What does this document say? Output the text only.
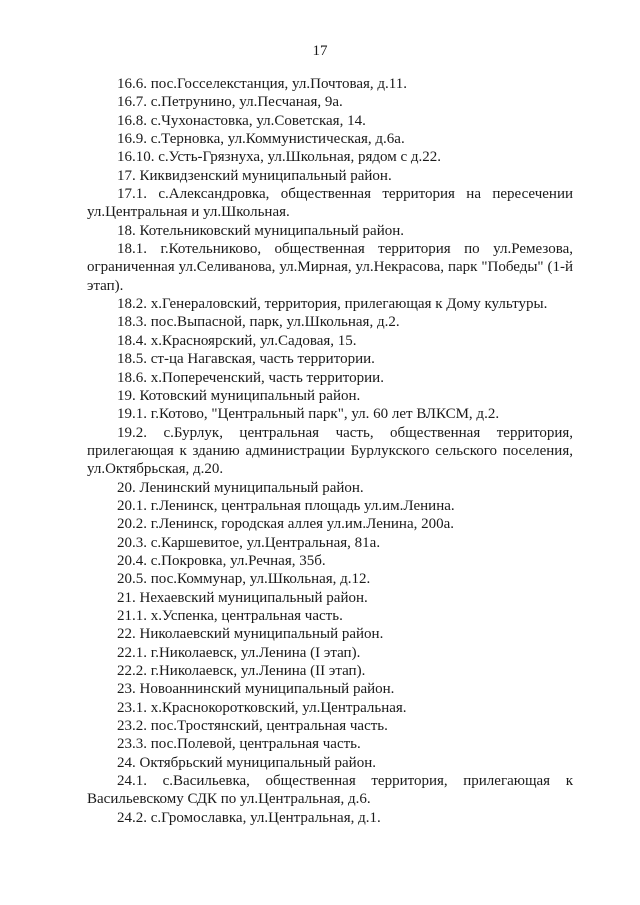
17

16.6. пос.Госселекстанция, ул.Почтовая, д.11.

16.7. с.Петрунино, ул.Песчаная, 9а.

16.8. с.Чухонастовка, ул.Советская, 14.

16.9. с.Терновка, ул.Коммунистическая, д.6а.

16.10. с.Усть-Грязнуха, ул.Школьная, рядом с д.22.

17. Киквидзенский муниципальный район.

17.1. с.Александровка, общественная территория на пересечении ул.Центральная и ул.Школьная.

18. Котельниковский муниципальный район.

18.1. г.Котельниково, общественная территория по ул.Ремезова, ограниченная ул.Селиванова, ул.Мирная, ул.Некрасова, парк "Победы" (1-й этап).

18.2. х.Генераловский, территория, прилегающая к Дому культуры.

18.3. пос.Выпасной, парк, ул.Школьная, д.2.

18.4. х.Красноярский, ул.Садовая, 15.

18.5. ст-ца Нагавская, часть территории.

18.6. х.Попереченский, часть территории.

19. Котовский муниципальный район.

19.1. г.Котово, "Центральный парк", ул. 60 лет ВЛКСМ, д.2.

19.2. с.Бурлук, центральная часть, общественная территория, прилегающая к зданию администрации Бурлукского сельского поселения, ул.Октябрьская, д.20.

20. Ленинский муниципальный район.

20.1. г.Ленинск, центральная площадь ул.им.Ленина.

20.2. г.Ленинск, городская аллея ул.им.Ленина, 200а.

20.3. с.Каршевитое, ул.Центральная, 81а.

20.4. с.Покровка, ул.Речная, 35б.

20.5. пос.Коммунар, ул.Школьная, д.12.

21. Нехаевский муниципальный район.

21.1. х.Успенка, центральная часть.

22. Николаевский муниципальный район.

22.1. г.Николаевск, ул.Ленина (I этап).

22.2. г.Николаевск, ул.Ленина (II этап).

23. Новоаннинский муниципальный район.

23.1. х.Краснокоротковский, ул.Центральная.

23.2. пос.Тростянский, центральная часть.

23.3. пос.Полевой, центральная часть.

24. Октябрьский муниципальный район.

24.1. с.Васильевка, общественная территория, прилегающая к Васильевскому СДК по ул.Центральная, д.6.

24.2. с.Громославка, ул.Центральная, д.1.
